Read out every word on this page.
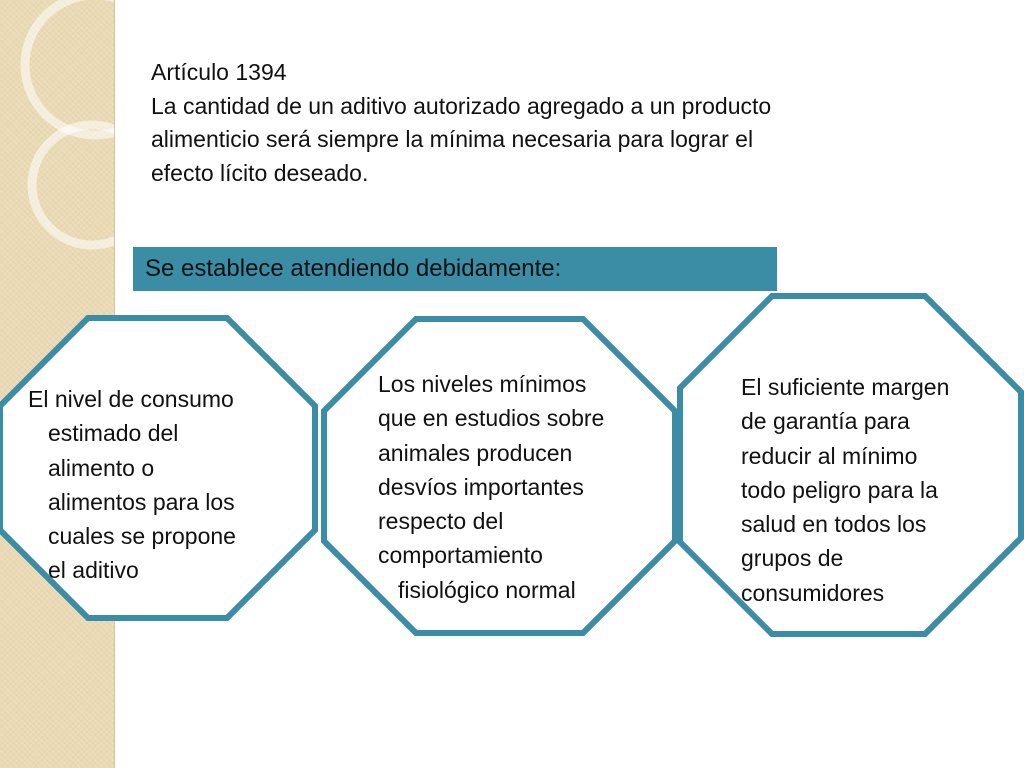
Artículo 1394
La cantidad de un aditivo autorizado agregado a un producto
alimenticio será siempre la mínima necesaria para lograr el
efecto lícito deseado.
Se establece atendiendo debidamente:
El nivel de consumo
estimado del
alimento o
alimentos para los
cuales se propone
el aditivo
Los niveles mínimos
que en estudios sobre
animales producen
desvíos importantes
respecto del
comportamiento
fisiológico normal
El suficiente margen
de garantía para
reducir al mínimo
todo peligro para la
salud en todos los
grupos de
consumidores
